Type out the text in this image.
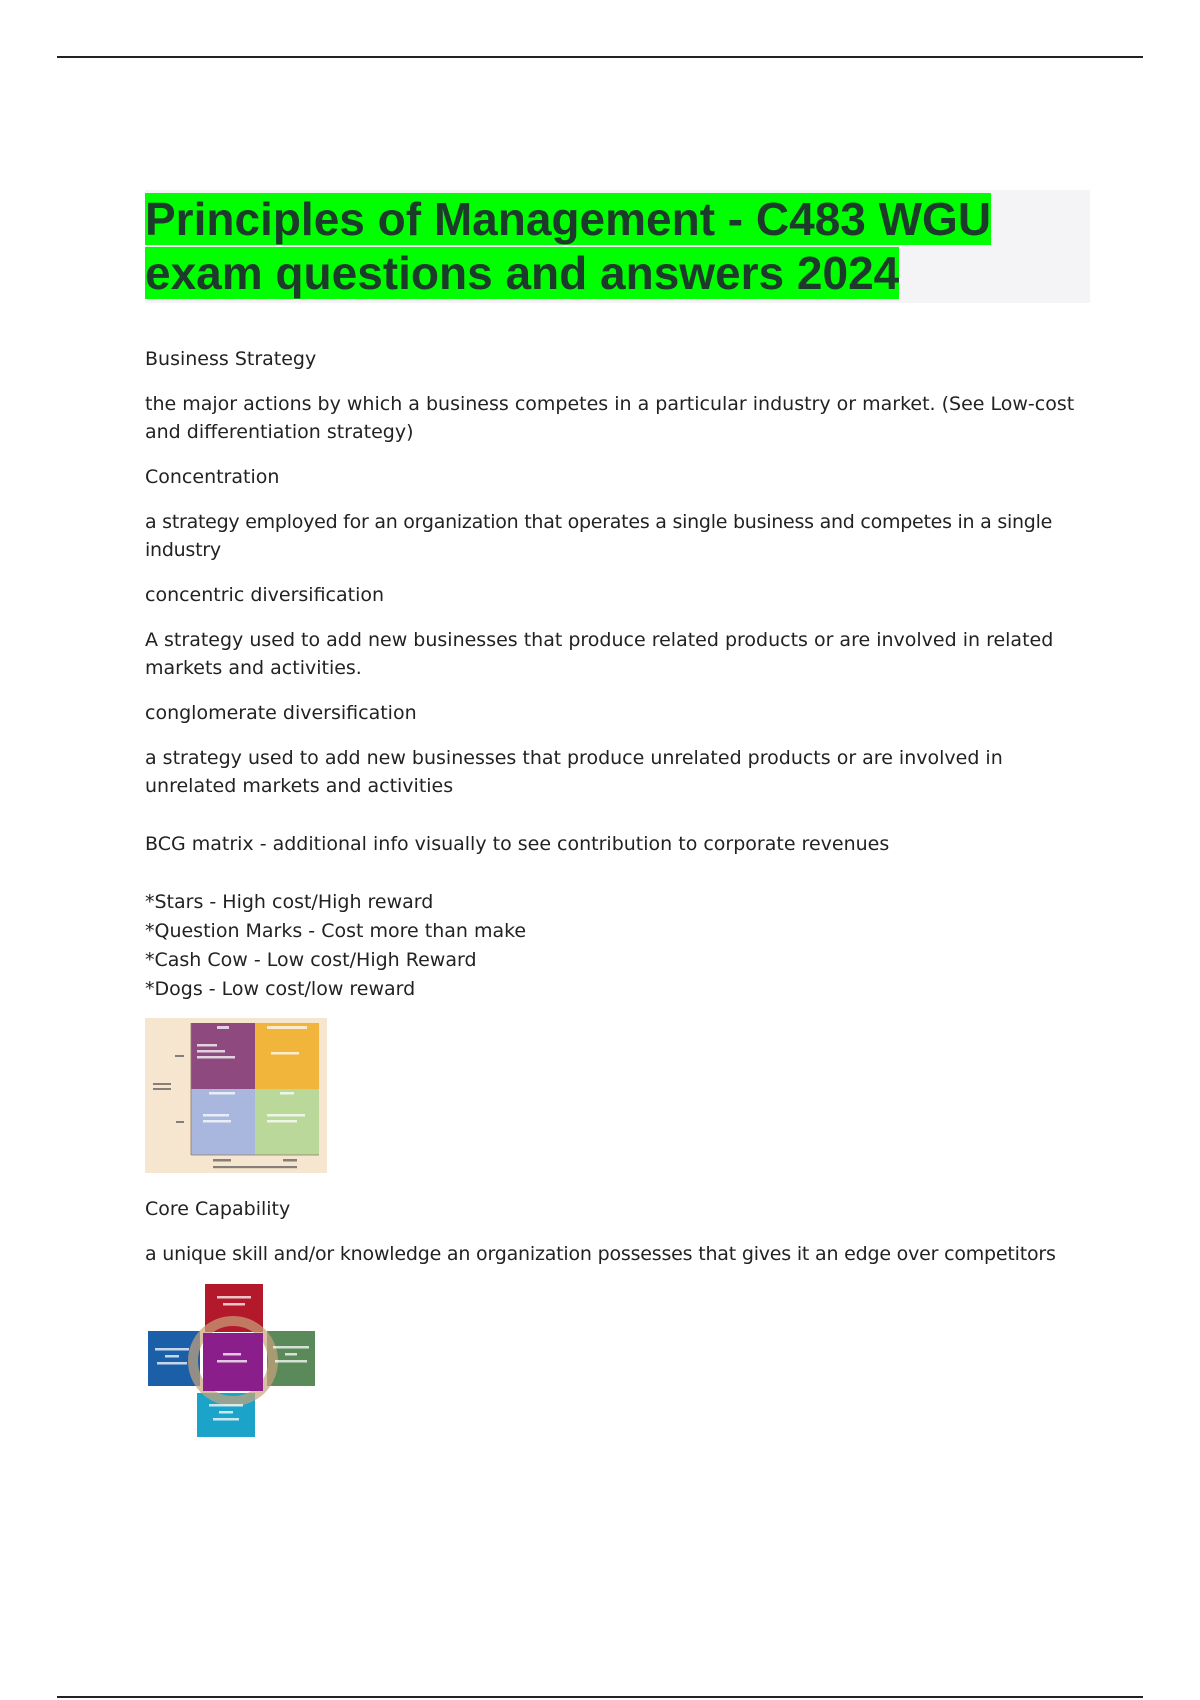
Principles of Management - C483 WGU exam questions and answers 2024

Business Strategy

the major actions by which a business competes in a particular industry or market. (See Low-cost and differentiation strategy)

Concentration

a strategy employed for an organization that operates a single business and competes in a single industry

concentric diversification

A strategy used to add new businesses that produce related products or are involved in related markets and activities.

conglomerate diversification

a strategy used to add new businesses that produce unrelated products or are involved in unrelated markets and activities

BCG matrix - additional info visually to see contribution to corporate revenues

*Stars - High cost/High reward
*Question Marks - Cost more than make
*Cash Cow - Low cost/High Reward
*Dogs - Low cost/low reward

Core Capability

a unique skill and/or knowledge an organization possesses that gives it an edge over competitors
